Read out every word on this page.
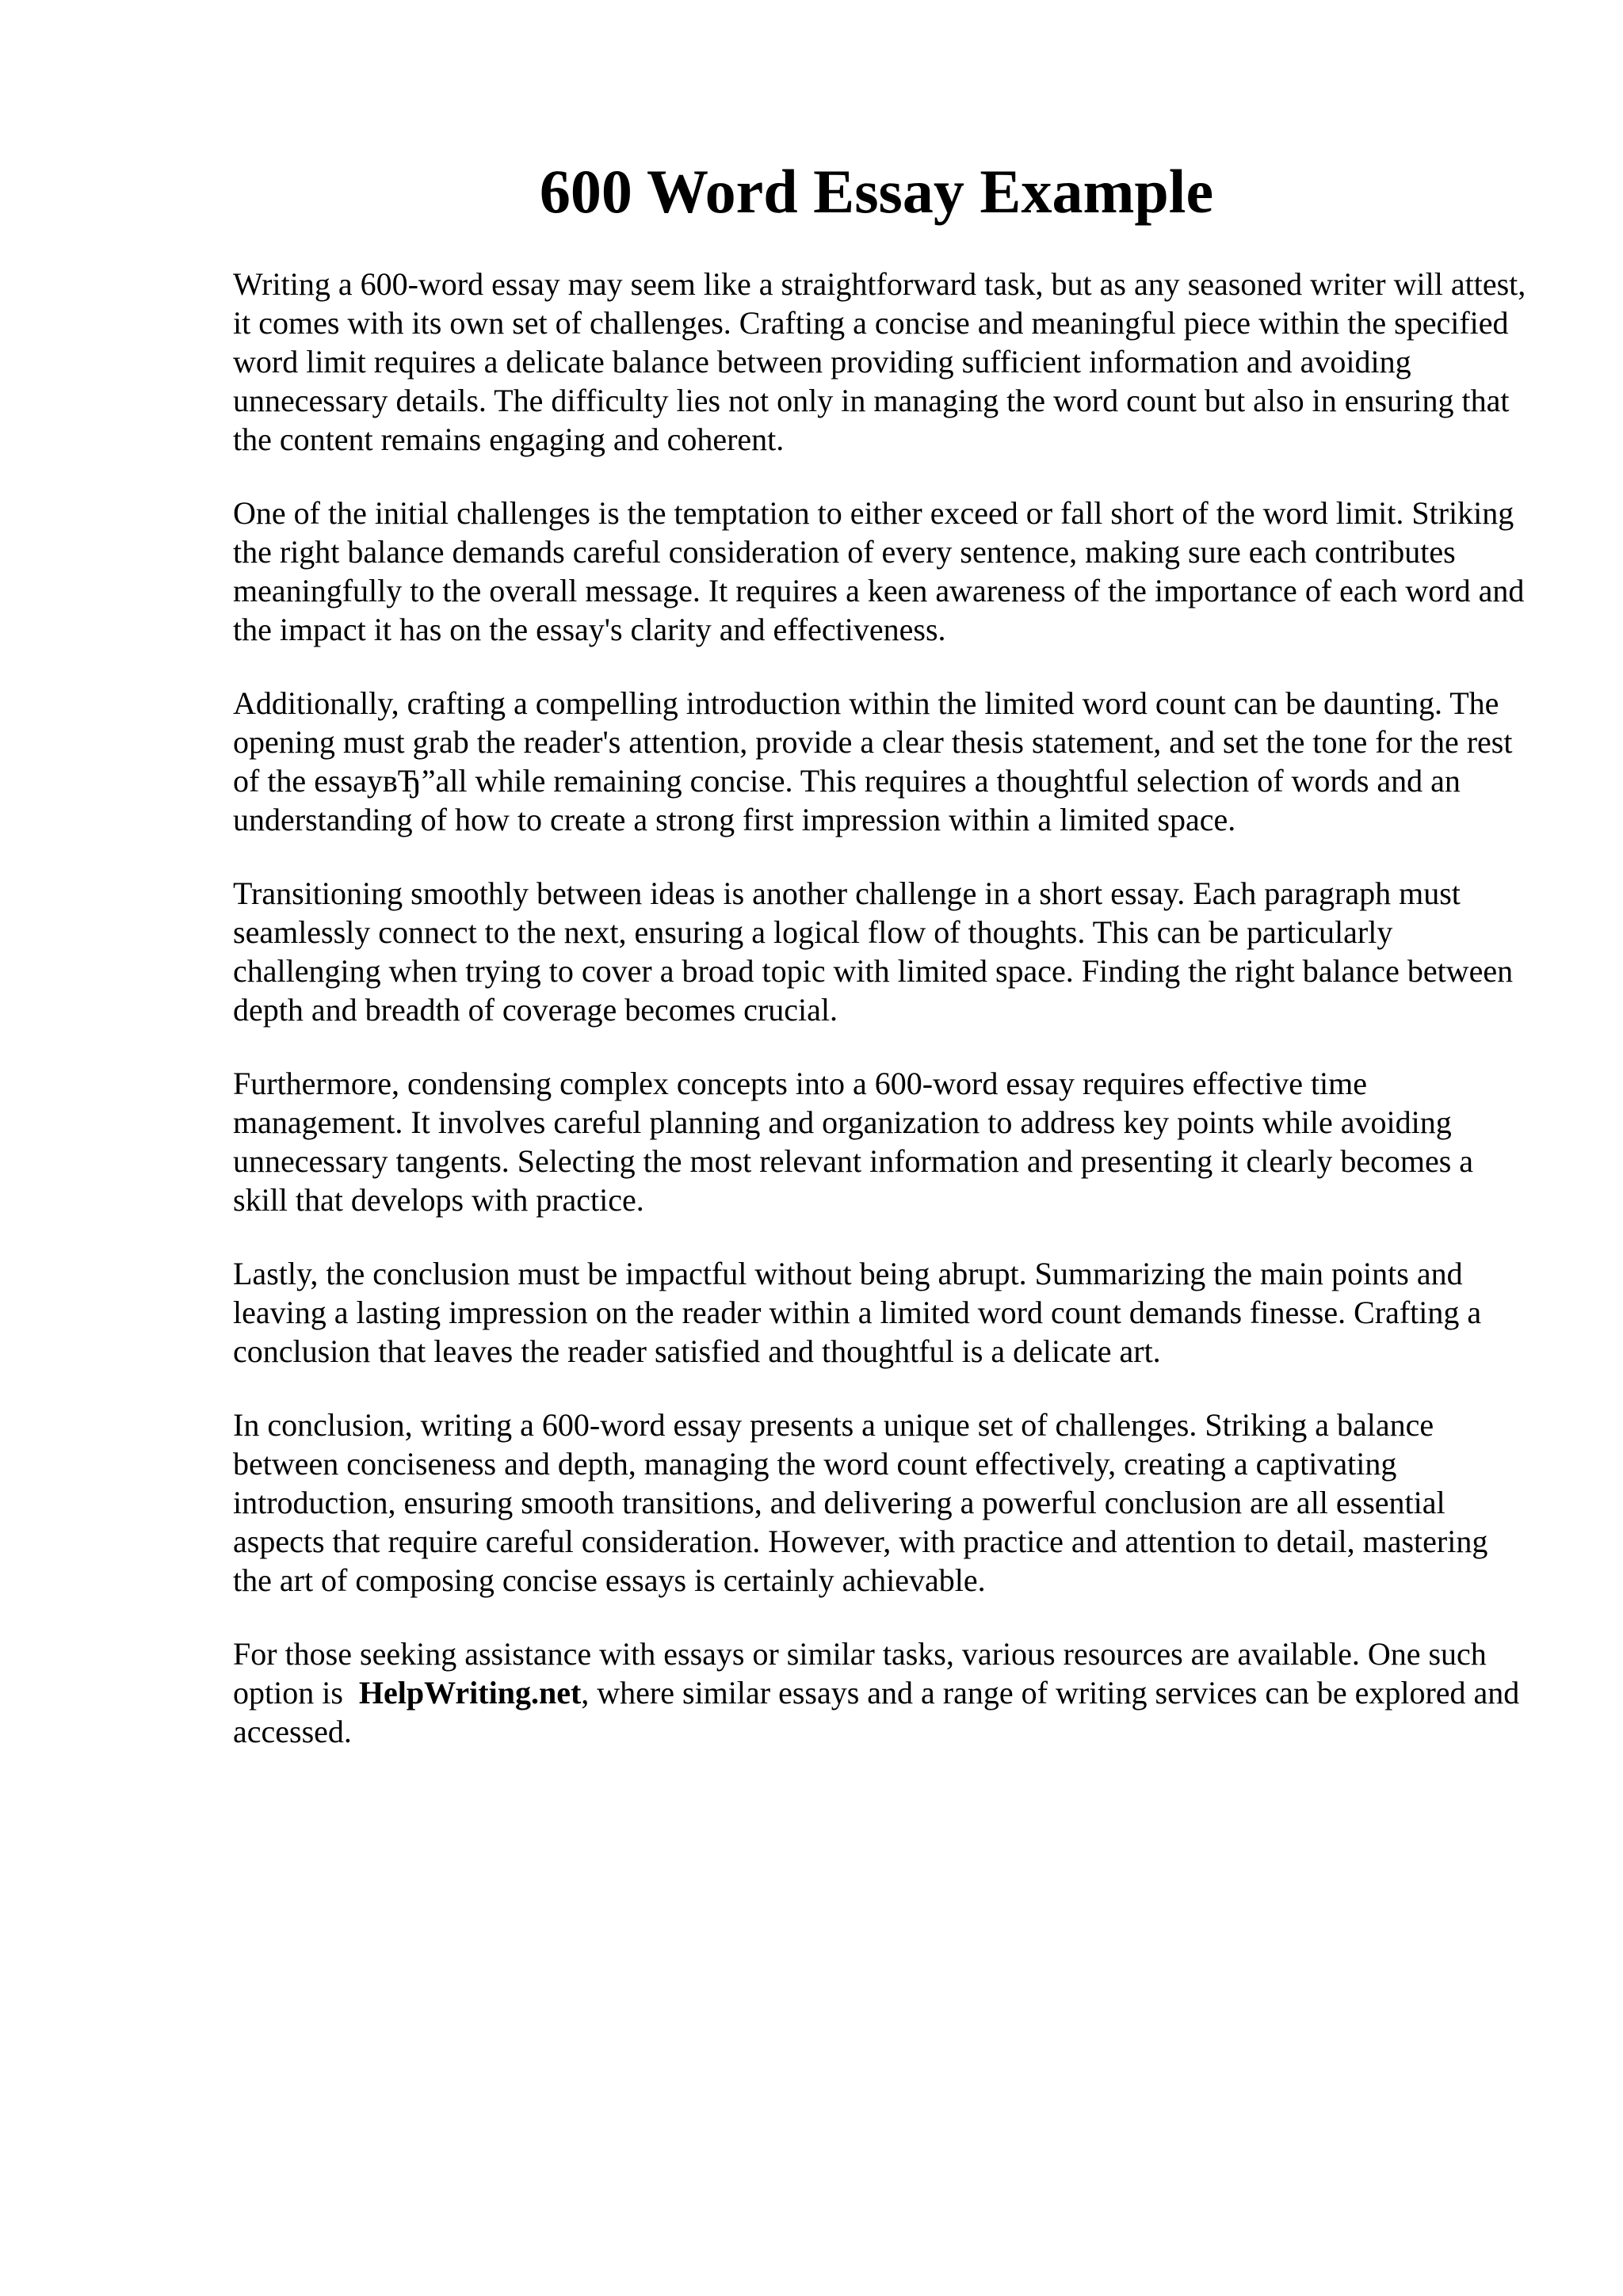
600 Word Essay Example

Writing a 600-word essay may seem like a straightforward task, but as any seasoned writer will attest, it comes with its own set of challenges. Crafting a concise and meaningful piece within the specified word limit requires a delicate balance between providing sufficient information and avoiding unnecessary details. The difficulty lies not only in managing the word count but also in ensuring that the content remains engaging and coherent.

One of the initial challenges is the temptation to either exceed or fall short of the word limit. Striking the right balance demands careful consideration of every sentence, making sure each contributes meaningfully to the overall message. It requires a keen awareness of the importance of each word and the impact it has on the essay's clarity and effectiveness.

Additionally, crafting a compelling introduction within the limited word count can be daunting. The opening must grab the reader's attention, provide a clear thesis statement, and set the tone for the rest of the essayвЂ”all while remaining concise. This requires a thoughtful selection of words and an understanding of how to create a strong first impression within a limited space.

Transitioning smoothly between ideas is another challenge in a short essay. Each paragraph must seamlessly connect to the next, ensuring a logical flow of thoughts. This can be particularly challenging when trying to cover a broad topic with limited space. Finding the right balance between depth and breadth of coverage becomes crucial.

Furthermore, condensing complex concepts into a 600-word essay requires effective time management. It involves careful planning and organization to address key points while avoiding unnecessary tangents. Selecting the most relevant information and presenting it clearly becomes a skill that develops with practice.

Lastly, the conclusion must be impactful without being abrupt. Summarizing the main points and leaving a lasting impression on the reader within a limited word count demands finesse. Crafting a conclusion that leaves the reader satisfied and thoughtful is a delicate art.

In conclusion, writing a 600-word essay presents a unique set of challenges. Striking a balance between conciseness and depth, managing the word count effectively, creating a captivating introduction, ensuring smooth transitions, and delivering a powerful conclusion are all essential aspects that require careful consideration. However, with practice and attention to detail, mastering the art of composing concise essays is certainly achievable.

For those seeking assistance with essays or similar tasks, various resources are available. One such option is HelpWriting.net, where similar essays and a range of writing services can be explored and accessed.
